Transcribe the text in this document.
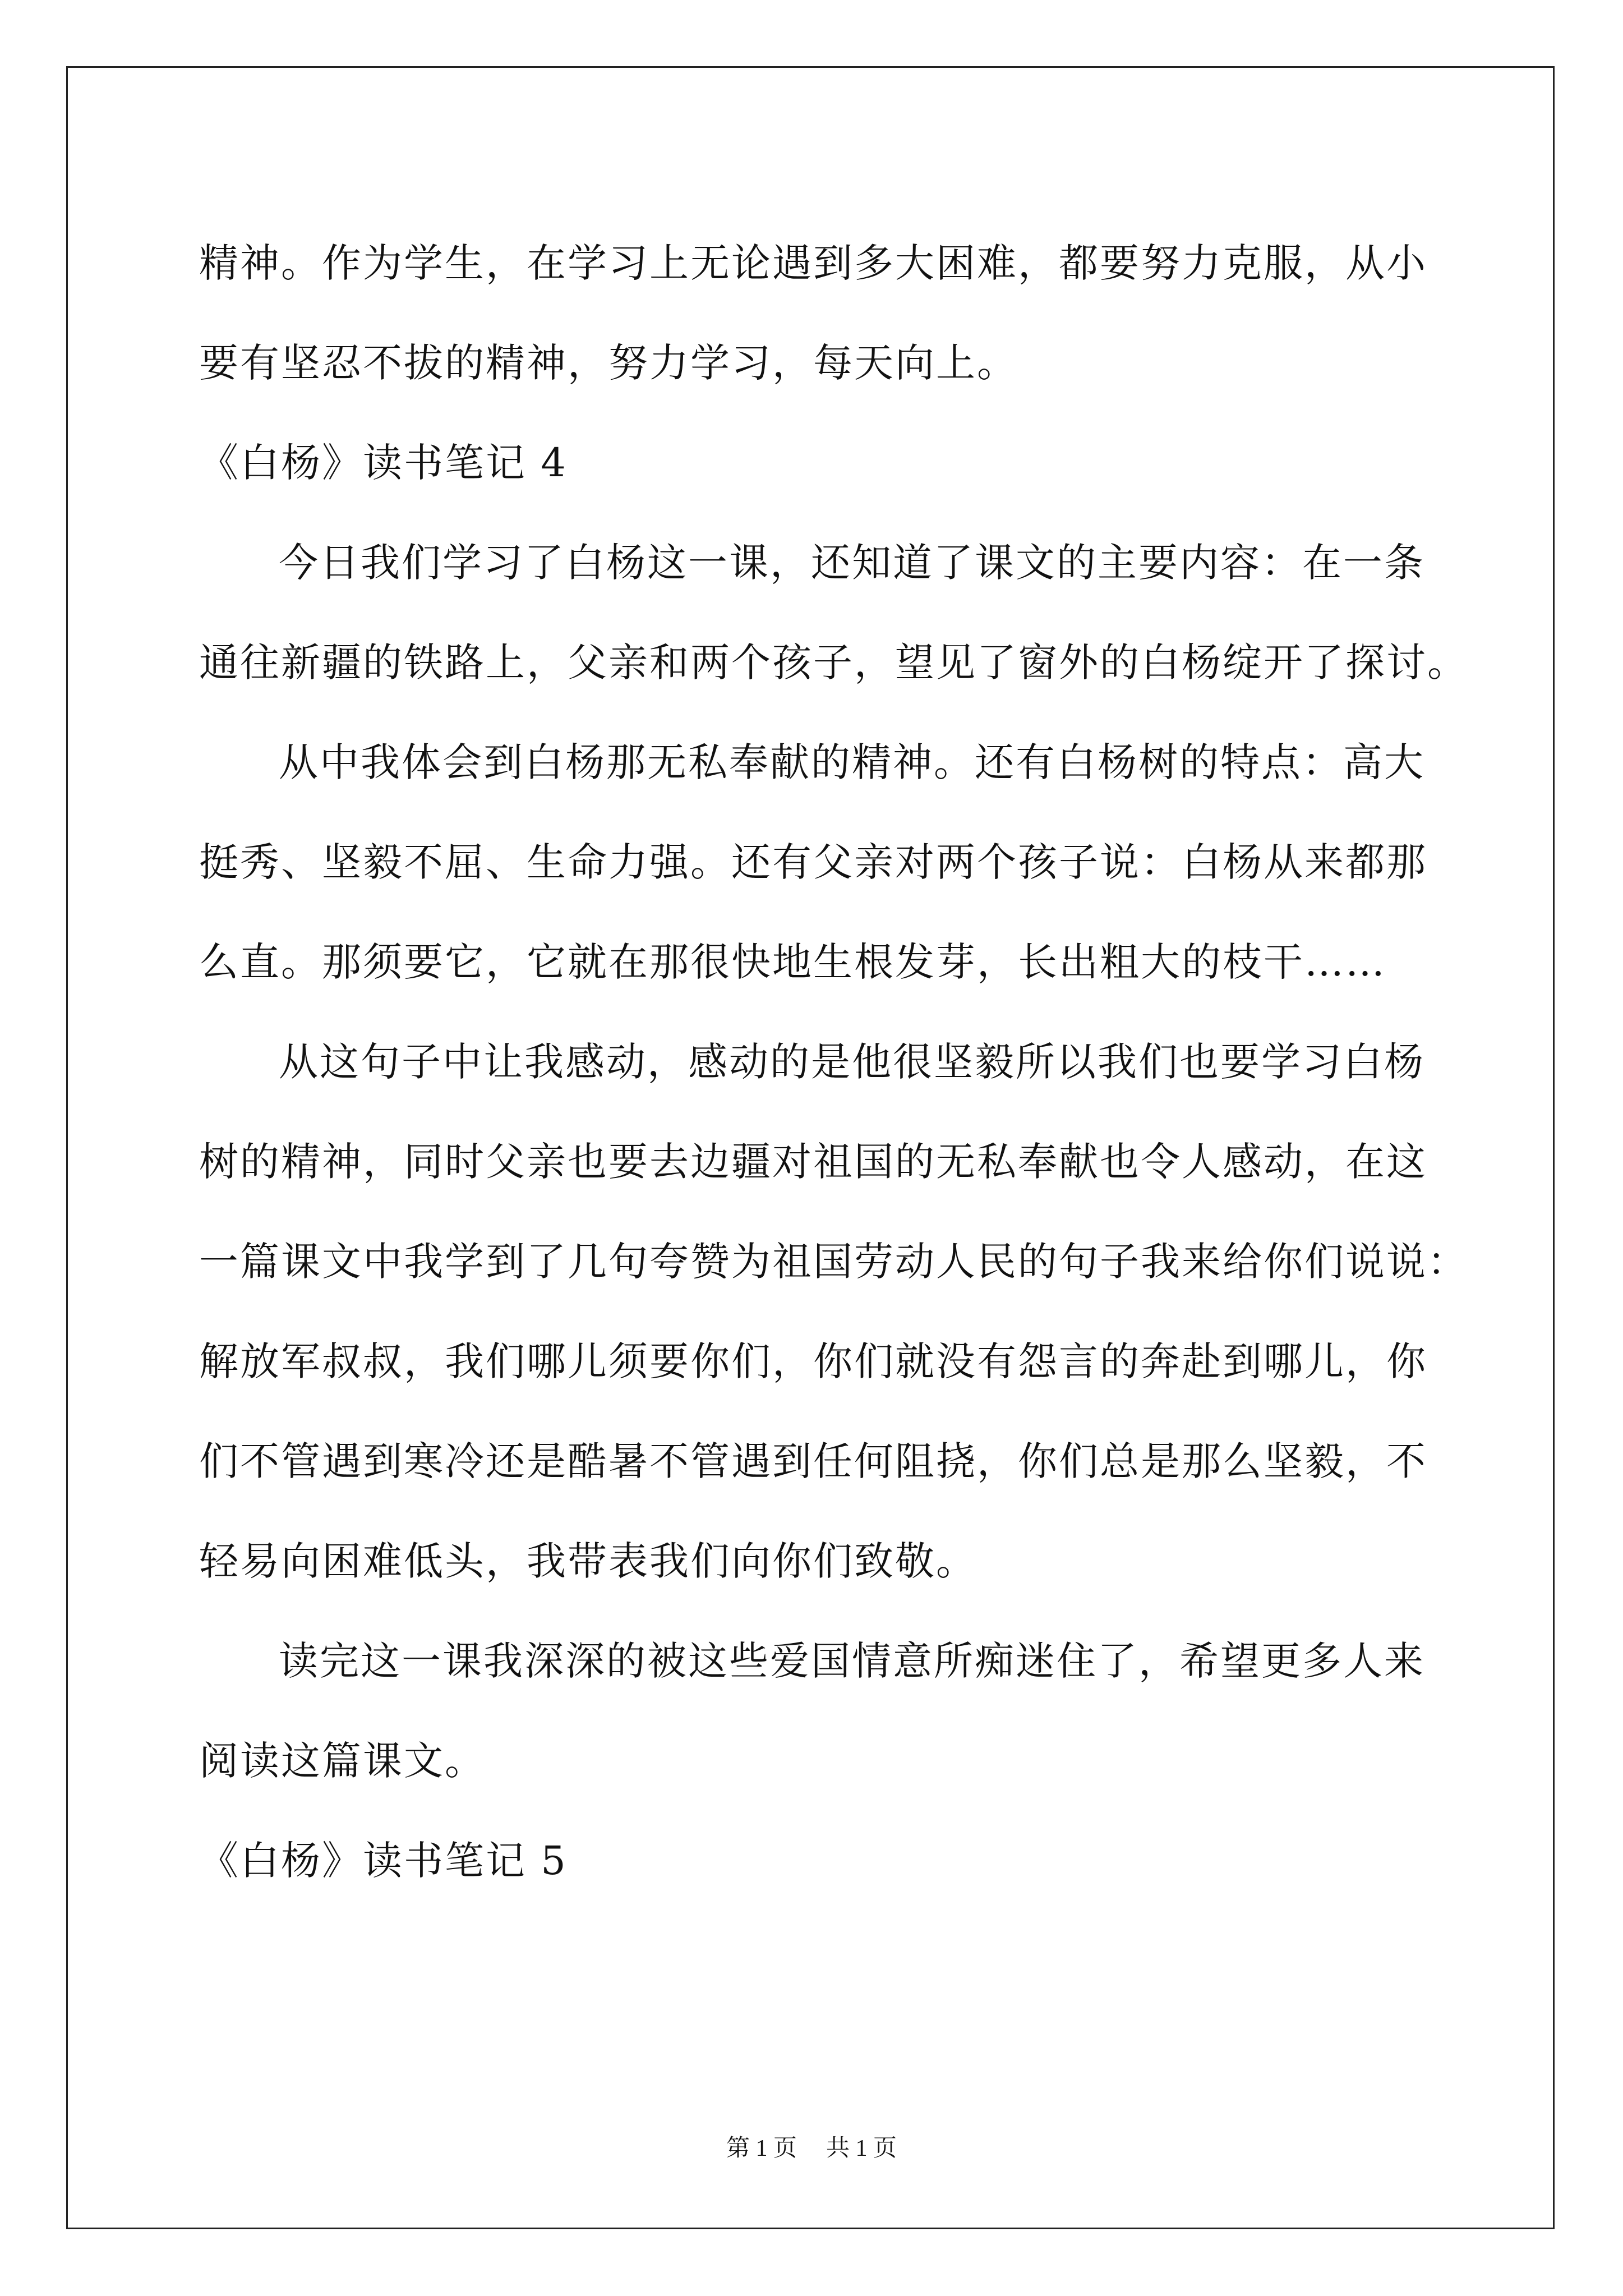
精神。作为学生，在学习上无论遇到多大困难，都要努力克服，从小
要有坚忍不拔的精神，努力学习，每天向上。
《白杨》读书笔记 4
今日我们学习了白杨这一课，还知道了课文的主要内容：在一条
通往新疆的铁路上，父亲和两个孩子，望见了窗外的白杨绽开了探讨。
从中我体会到白杨那无私奉献的精神。还有白杨树的特点：高大
挺秀、坚毅不屈、生命力强。还有父亲对两个孩子说：白杨从来都那
么直。那须要它，它就在那很快地生根发芽，长出粗大的枝干……
从这句子中让我感动，感动的是他很坚毅所以我们也要学习白杨
树的精神，同时父亲也要去边疆对祖国的无私奉献也令人感动，在这
一篇课文中我学到了几句夸赞为祖国劳动人民的句子我来给你们说说：
解放军叔叔，我们哪儿须要你们，你们就没有怨言的奔赴到哪儿，你
们不管遇到寒冷还是酷暑不管遇到任何阻挠，你们总是那么坚毅，不
轻易向困难低头，我带表我们向你们致敬。
读完这一课我深深的被这些爱国情意所痴迷住了，希望更多人来
阅读这篇课文。
《白杨》读书笔记 5
第 1 页 共 1 页
